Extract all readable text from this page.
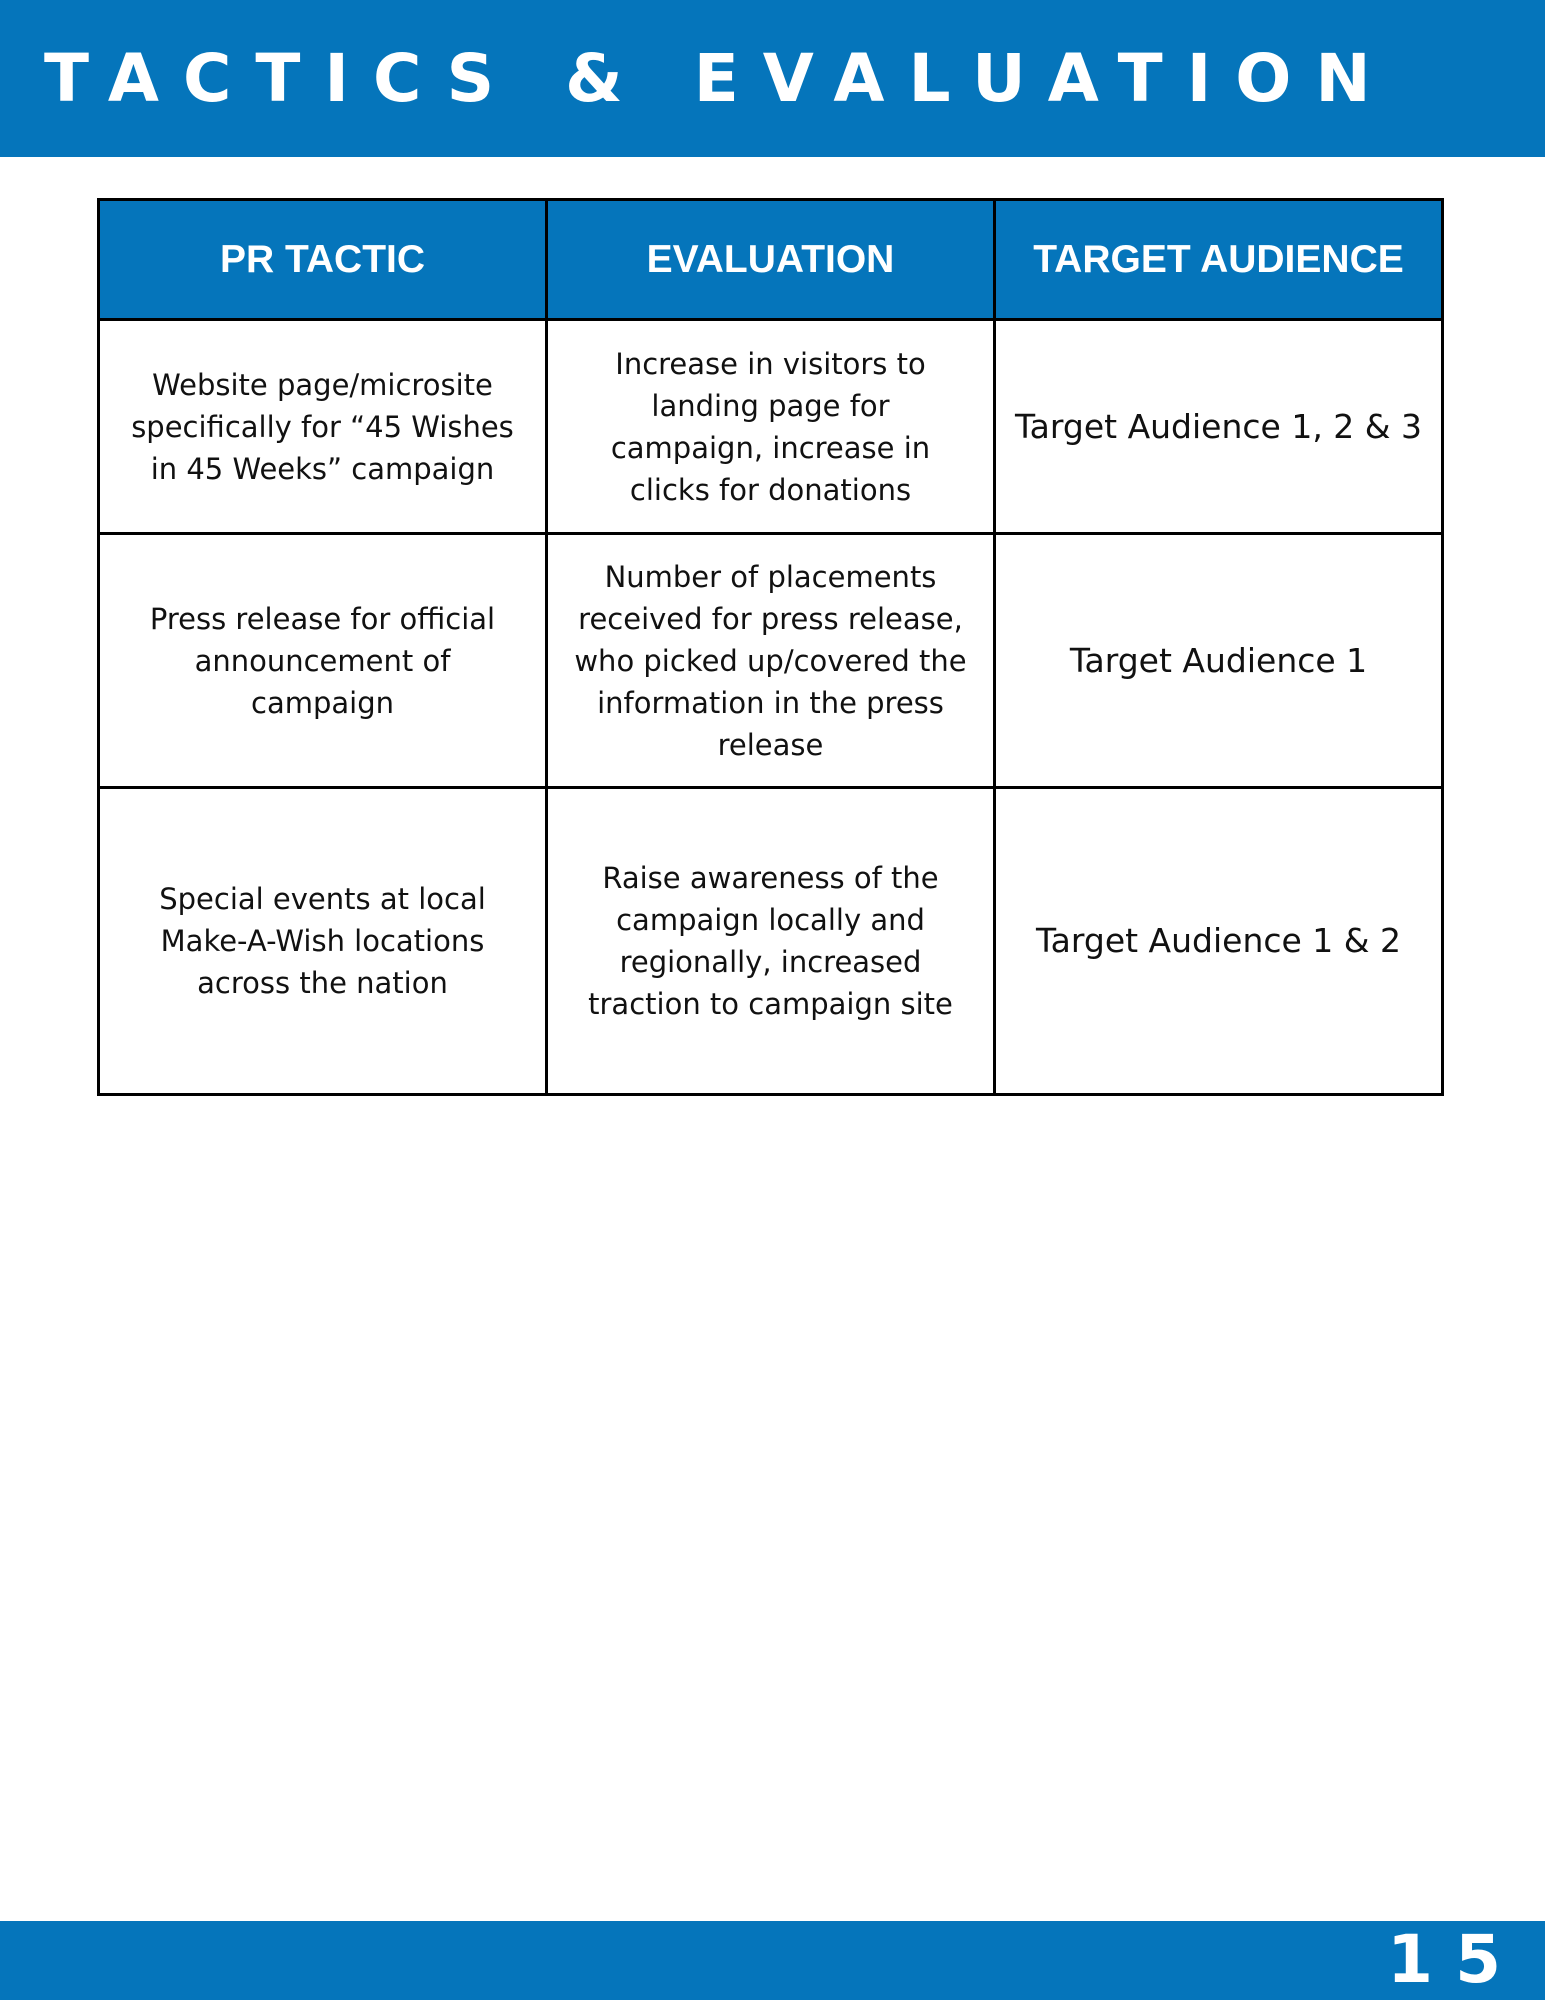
TACTICS & EVALUATION
PR TACTIC	EVALUATION	TARGET AUDIENCE
Website page/microsite specifically for “45 Wishes in 45 Weeks” campaign	Increase in visitors to landing page for campaign, increase in clicks for donations	Target Audience 1, 2 & 3
Press release for official announcement of campaign	Number of placements received for press release, who picked up/covered the information in the press release	Target Audience 1
Special events at local Make-A-Wish locations across the nation	Raise awareness of the campaign locally and regionally, increased traction to campaign site	Target Audience 1 & 2
15
